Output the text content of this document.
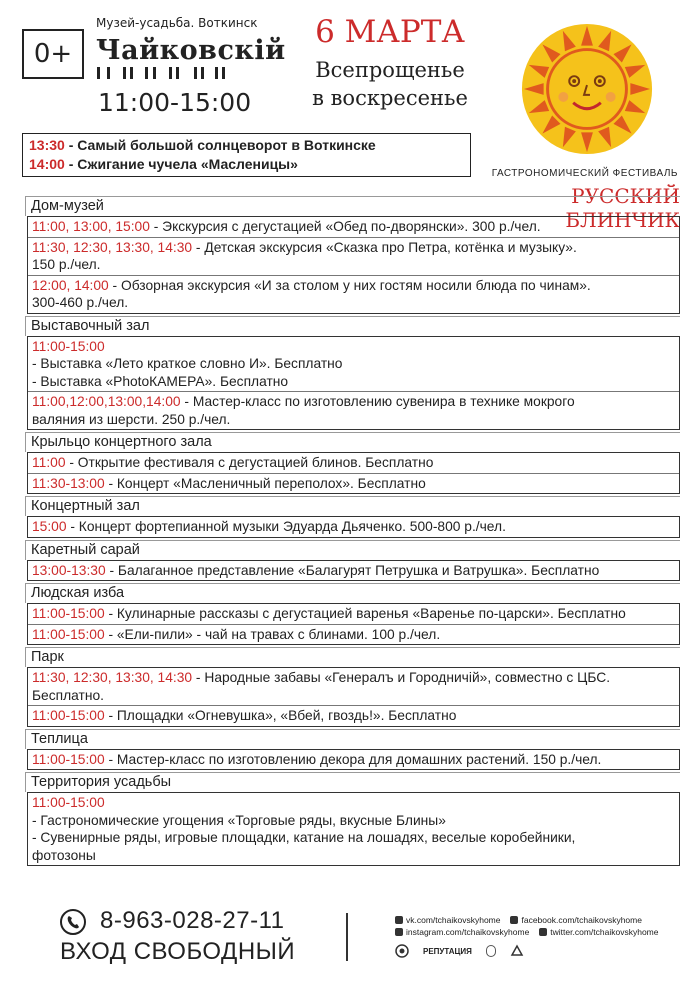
0+
Музей-усадьба. Воткинск
Чайковскiй
11:00-15:00
6 МАРТА
Всепрощенье
в воскресенье
ГАСТРОНОМИЧЕСКИЙ ФЕСТИВАЛЬ
РУССКИЙ БЛИНЧИК
13:30 - Самый большой солнцеворот в Воткинске
14:00 - Сжигание чучела «Масленицы»
Дом-музей
11:00, 13:00, 15:00 - Экскурсия с дегустацией «Обед по-дворянски». 300 р./чел.
11:30, 12:30, 13:30, 14:30 - Детская экскурсия «Сказка про Петра, котёнка и музыку».
150 р./чел.
12:00, 14:00 - Обзорная экскурсия «И за столом у них гостям носили блюда по чинам».
300-460 р./чел.
Выставочный зал
11:00-15:00
- Выставка «Лето краткое словно И». Бесплатно
- Выставка «PhotoКАМЕРА». Бесплатно
11:00,12:00,13:00,14:00 - Мастер-класс по изготовлению сувенира в технике мокрого
валяния из шерсти. 250 р./чел.
Крыльцо концертного зала
11:00 - Открытие фестиваля с дегустацией блинов. Бесплатно
11:30-13:00 - Концерт «Масленичный переполох». Бесплатно
Концертный зал
15:00 - Концерт фортепианной музыки Эдуарда Дьяченко. 500-800 р./чел.
Каретный сарай
13:00-13:30 - Балаганное представление «Балагурят Петрушка и Ватрушка». Бесплатно
Людская изба
11:00-15:00 - Кулинарные рассказы с дегустацией варенья «Варенье по-царски». Бесплатно
11:00-15:00 - «Ели-пили» - чай на травах с блинами. 100 р./чел.
Парк
11:30, 12:30, 13:30, 14:30 - Народные забавы «Генералъ и Городничiй», совместно с ЦБС.
Бесплатно.
11:00-15:00 - Площадки «Огневушка», «Вбей, гвоздь!». Бесплатно
Теплица
11:00-15:00 - Мастер-класс по изготовлению декора для домашних растений. 150 р./чел.
Территория усадьбы
11:00-15:00
- Гастрономические угощения «Торговые ряды, вкусные Блины»
- Сувенирные ряды, игровые площадки, катание на лошадях, веселые коробейники,
фотозоны
8-963-028-27-11
ВХОД СВОБОДНЫЙ
vk.com/tchaikovskyhome facebook.com/tchaikovskyhome
instagram.com/tchaikovskyhome twitter.com/tchaikovskyhome
РЕПУТАЦИЯ
